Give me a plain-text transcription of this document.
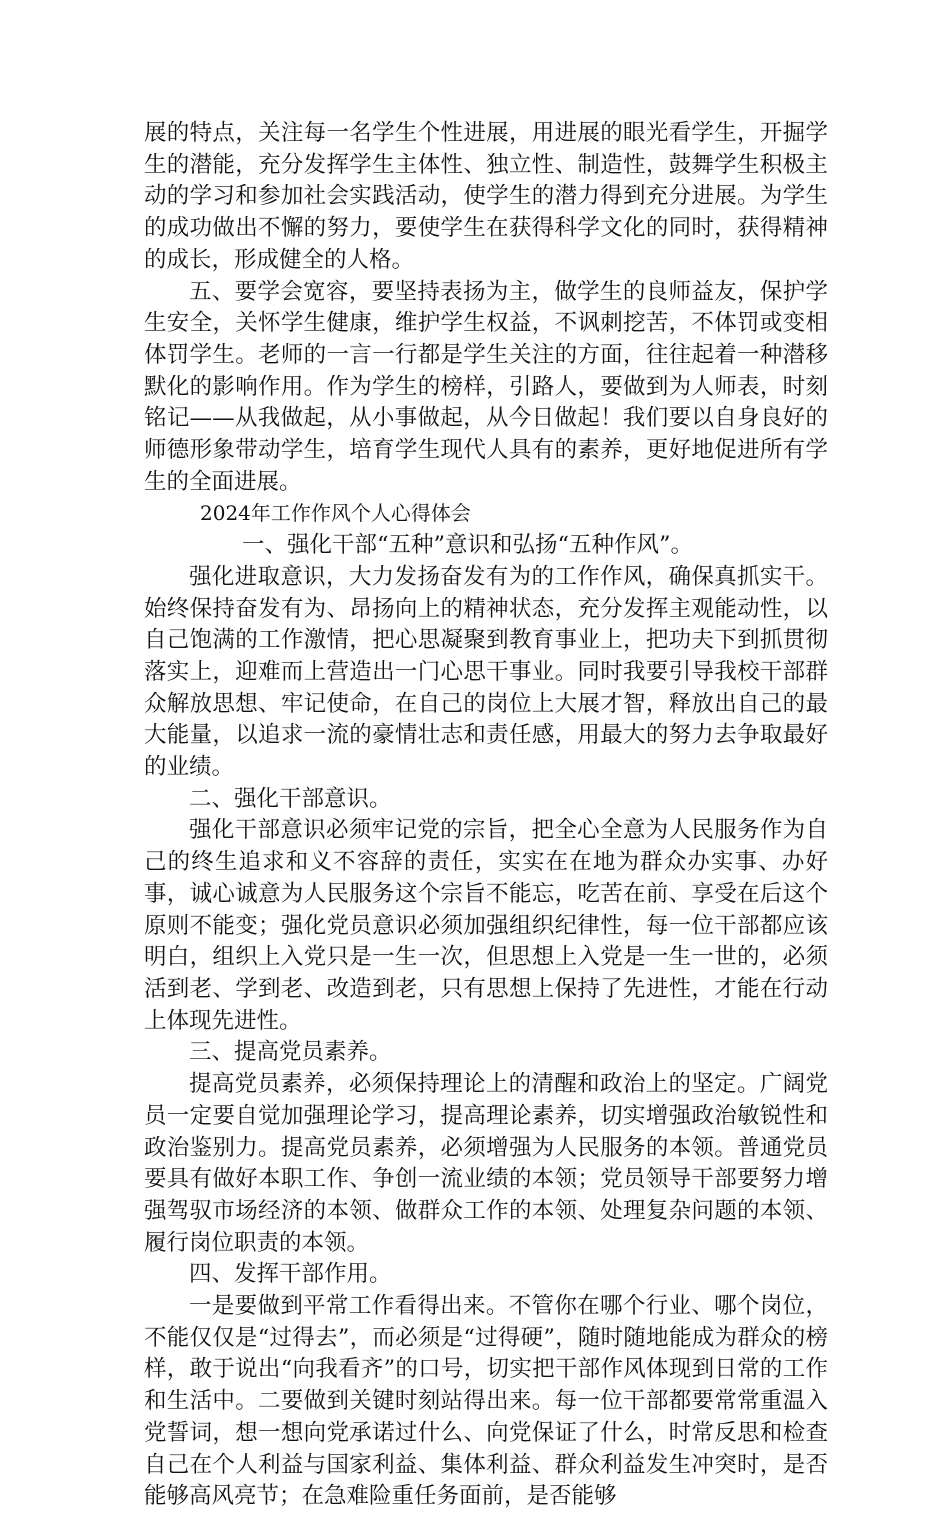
展的特点，关注每一名学生个性进展，用进展的眼光看学生，开掘学生的潜能，充分发挥学生主体性、独立性、制造性，鼓舞学生积极主动的学习和参加社会实践活动，使学生的潜力得到充分进展。为学生的成功做出不懈的努力，要使学生在获得科学文化的同时，获得精神的成长，形成健全的人格。

五、要学会宽容，要坚持表扬为主，做学生的良师益友，保护学生安全，关怀学生健康，维护学生权益，不讽刺挖苦，不体罚或变相体罚学生。老师的一言一行都是学生关注的方面，往往起着一种潜移默化的影响作用。作为学生的榜样，引路人，要做到为人师表，时刻铭记——从我做起，从小事做起，从今日做起！我们要以自身良好的师德形象带动学生，培育学生现代人具有的素养，更好地促进所有学生的全面进展。

2024年工作作风个人心得体会

一、强化干部“五种”意识和弘扬“五种作风”。

强化进取意识，大力发扬奋发有为的工作作风，确保真抓实干。始终保持奋发有为、昂扬向上的精神状态，充分发挥主观能动性，以自己饱满的工作激情，把心思凝聚到教育事业上，把功夫下到抓贯彻落实上，迎难而上营造出一门心思干事业。同时我要引导我校干部群众解放思想、牢记使命，在自己的岗位上大展才智，释放出自己的最大能量，以追求一流的豪情壮志和责任感，用最大的努力去争取最好的业绩。

二、强化干部意识。

强化干部意识必须牢记党的宗旨，把全心全意为人民服务作为自己的终生追求和义不容辞的责任，实实在在地为群众办实事、办好事，诚心诚意为人民服务这个宗旨不能忘，吃苦在前、享受在后这个原则不能变；强化党员意识必须加强组织纪律性，每一位干部都应该明白，组织上入党只是一生一次，但思想上入党是一生一世的，必须活到老、学到老、改造到老，只有思想上保持了先进性，才能在行动上体现先进性。

三、提高党员素养。

提高党员素养，必须保持理论上的清醒和政治上的坚定。广阔党员一定要自觉加强理论学习，提高理论素养，切实增强政治敏锐性和政治鉴别力。提高党员素养，必须增强为人民服务的本领。普通党员要具有做好本职工作、争创一流业绩的本领；党员领导干部要努力增强驾驭市场经济的本领、做群众工作的本领、处理复杂问题的本领、履行岗位职责的本领。

四、发挥干部作用。

一是要做到平常工作看得出来。不管你在哪个行业、哪个岗位，不能仅仅是“过得去”，而必须是“过得硬”，随时随地能成为群众的榜样，敢于说出“向我看齐”的口号，切实把干部作风体现到日常的工作和生活中。二要做到关键时刻站得出来。每一位干部都要常常重温入党誓词，想一想向党承诺过什么、向党保证了什么，时常反思和检查自己在个人利益与国家利益、集体利益、群众利益发生冲突时，是否能够高风亮节；在急难险重任务面前，是否能够
